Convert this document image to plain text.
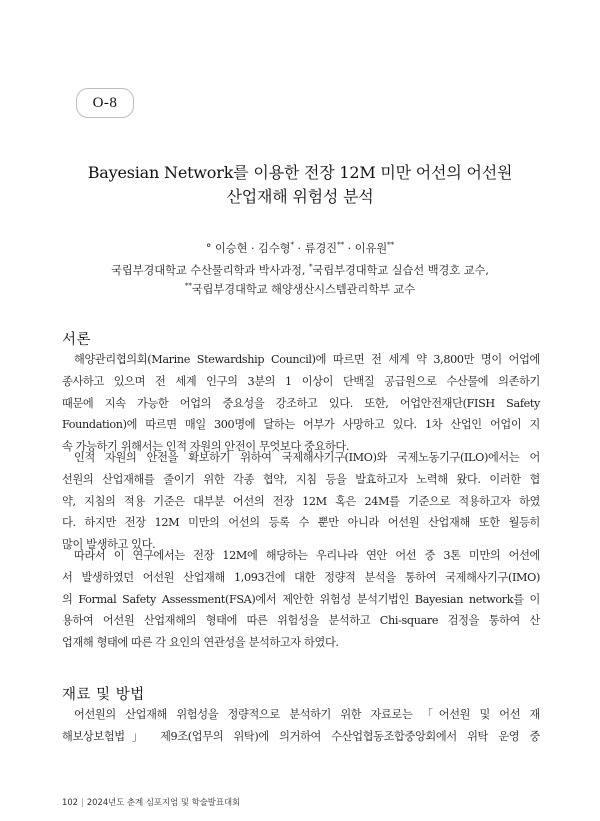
O-8
Bayesian Network를 이용한 전장 12M 미만 어선의 어선원
산업재해 위험성 분석
° 이승현 · 김수형* · 류경진** · 이유원**
국립부경대학교 수산물리학과 박사과정, *국립부경대학교 실습선 백경호 교수,
**국립부경대학교 해양생산시스템관리학부 교수
서론
해양관리협의회(Marine Stewardship Council)에 따르면 전 세계 약 3,800만 명이 어업에
종사하고 있으며 전 세계 인구의 3분의 1 이상이 단백질 공급원으로 수산물에 의존하기
때문에 지속 가능한 어업의 중요성을 강조하고 있다. 또한, 어업안전재단(FISH Safety
Foundation)에 따르면 매일 300명에 달하는 어부가 사망하고 있다. 1차 산업인 어업이 지
속 가능하기 위해서는 인적 자원의 안전이 무엇보다 중요하다.
인적 자원의 안전을 확보하기 위하여 국제해사기구(IMO)와 국제노동기구(ILO)에서는 어
선원의 산업재해를 줄이기 위한 각종 협약, 지침 등을 발효하고자 노력해 왔다. 이러한 협
약, 지침의 적용 기준은 대부분 어선의 전장 12M 혹은 24M를 기준으로 적용하고자 하였
다. 하지만 전장 12M 미만의 어선의 등록 수 뿐만 아니라 어선원 산업재해 또한 월등히
많이 발생하고 있다.
따라서 이 연구에서는 전장 12M에 해당하는 우리나라 연안 어선 중 3톤 미만의 어선에
서 발생하였던 어선원 산업재해 1,093건에 대한 정량적 분석을 통하여 국제해사기구(IMO)
의 Formal Safety Assessment(FSA)에서 제안한 위험성 분석기법인 Bayesian network를 이
용하여 어선원 산업재해의 형태에 따른 위험성을 분석하고 Chi-square 검정을 통하여 산
업재해 형태에 따른 각 요인의 연관성을 분석하고자 하였다.
재료 및 방법
어선원의 산업재해 위험성을 정량적으로 분석하기 위한 자료로는 「어선원 및 어선 재
해보상보험법」 제9조(업무의 위탁)에 의거하여 수산업협동조합중앙회에서 위탁 운영 중
102 | 2024년도 춘계 심포지엄 및 학술발표대회
